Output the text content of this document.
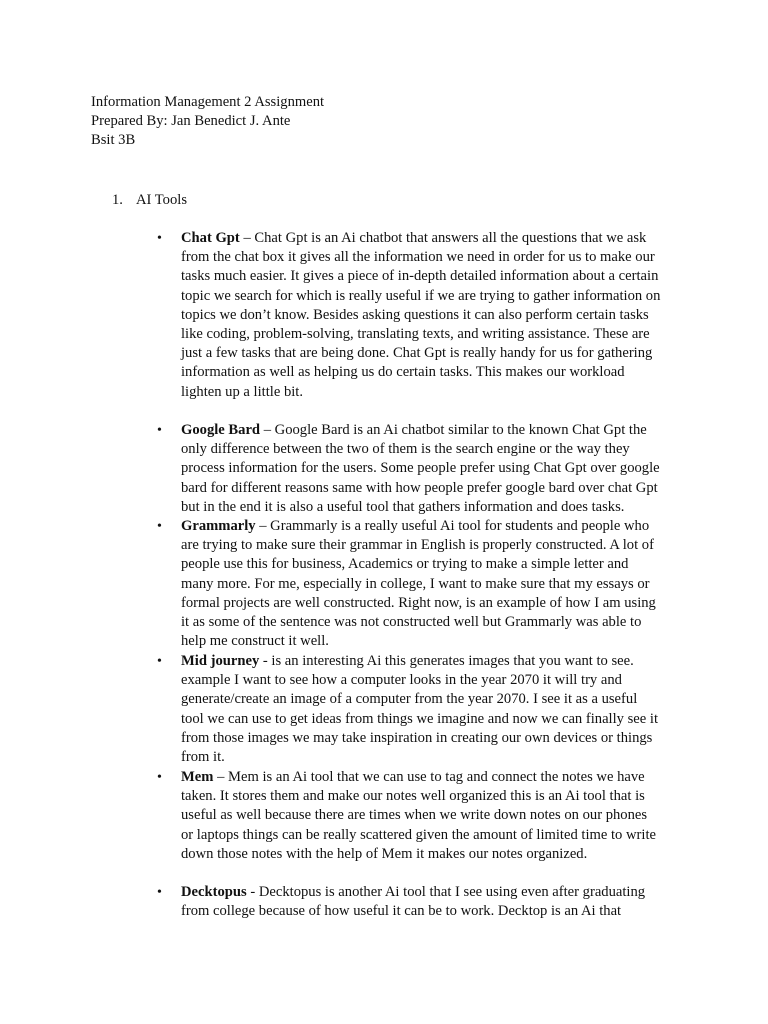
Information Management 2 Assignment
Prepared By: Jan Benedict J. Ante
Bsit 3B
1. AI Tools
• Chat Gpt – Chat Gpt is an Ai chatbot that answers all the questions that we ask
from the chat box it gives all the information we need in order for us to make our
tasks much easier. It gives a piece of in-depth detailed information about a certain
topic we search for which is really useful if we are trying to gather information on
topics we don’t know. Besides asking questions it can also perform certain tasks
like coding, problem-solving, translating texts, and writing assistance. These are
just a few tasks that are being done. Chat Gpt is really handy for us for gathering
information as well as helping us do certain tasks. This makes our workload
lighten up a little bit.

• Google Bard – Google Bard is an Ai chatbot similar to the known Chat Gpt the
only difference between the two of them is the search engine or the way they
process information for the users. Some people prefer using Chat Gpt over google
bard for different reasons same with how people prefer google bard over chat Gpt
but in the end it is also a useful tool that gathers information and does tasks.

• Grammarly – Grammarly is a really useful Ai tool for students and people who
are trying to make sure their grammar in English is properly constructed. A lot of
people use this for business, Academics or trying to make a simple letter and
many more. For me, especially in college, I want to make sure that my essays or
formal projects are well constructed. Right now, is an example of how I am using
it as some of the sentence was not constructed well but Grammarly was able to
help me construct it well.

• Mid journey - is an interesting Ai this generates images that you want to see.
example I want to see how a computer looks in the year 2070 it will try and
generate/create an image of a computer from the year 2070. I see it as a useful
tool we can use to get ideas from things we imagine and now we can finally see it
from those images we may take inspiration in creating our own devices or things
from it.

• Mem – Mem is an Ai tool that we can use to tag and connect the notes we have
taken. It stores them and make our notes well organized this is an Ai tool that is
useful as well because there are times when we write down notes on our phones
or laptops things can be really scattered given the amount of limited time to write
down those notes with the help of Mem it makes our notes organized.

• Decktopus - Decktopus is another Ai tool that I see using even after graduating
from college because of how useful it can be to work. Decktop is an Ai that
